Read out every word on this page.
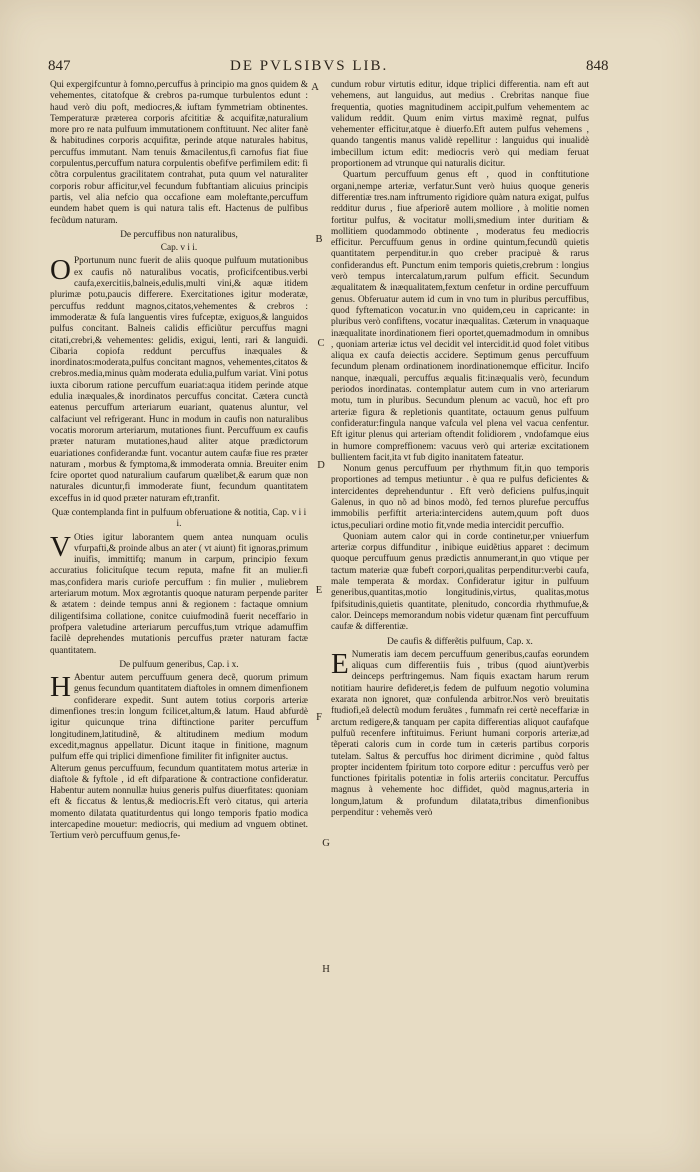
847	DE PVLSIBVS LIB.	848

Qui expergifcuntur à fomno,percuffus à principio ma gnos quidem & vehementes, citatofque & crebros pa-rumque turbulentos edunt : haud verò diu poft, mediocres,& iuftam fymmetriam obtinentes. Temperaturæ præterea corporis afcititiæ & acquifitæ,naturalium more pro re nata pulfuum immutationem conftituunt. Nec aliter fanè & habitudines corporis acquifitæ, perinde atque naturales habitus, percuffus immutant. Nam tenuis &macilentus,fi carnofus fiat fiue corpulentus,percuffum natura corpulentis obefifve perfimilem edit: fi cõtra corpulentus gracilitatem contrahat, puta quum vel naturaliter corporis robur afficitur,vel fecundum fubftantiam alicuius principis partis, vel alia nefcio qua occafione eam moleftante,percuffum eundem habet quem is qui natura talis eft. Hactenus de pulfibus fecũdum naturam.

De percuffibus non naturalibus,
Cap. v i i.

O Pportunum nunc fuerit de aliis quoque pulfuum mutationibus ex caufis nõ naturalibus vocatis, proficifcentibus.verbi caufa,exercitiis,balneis,edulis,multi vini,& aquæ itidem plurimæ potu,paucis differere. Exercitationes igitur moderatæ, percuffus reddunt magnos,citatos,vehementes & crebros : immoderatæ & fuſa languentis vires fufceptæ, exiguos,& languidos pulfus concitant. Balneis calidis efficiũtur percuffus magni citati,crebri,& vehementes: gelidis, exigui, lenti, rari & languidi. Cibaria copiofa reddunt percuffus inæquales & inordinatos:moderata,pulfus concitant magnos, vehementes,citatos & crebros.media,minus quàm moderata edulia,pulfum variat. Vini potus iuxta ciborum ratione percuffum euariat:aqua itidem perinde atque edulia inæquales,& inordinatos percuffus concitat. Cætera cunctà eatenus percuffum arteriarum euariant, quatenus aluntur, vel calfaciunt vel refrigerant. Hunc in modum in caufis non naturalibus vocatis mororum arteriarum, mutationes fiunt. Percuffuum ex caufis præter naturam mutationes,haud aliter atque prædictorum euariationes confiderandæ funt. vocantur autem caufæ fiue res præter naturam , morbus & fymptoma,& immoderata omnia. Breuiter enim fcire oportet quod naturalium caufarum quælibet,& earum quæ non naturales dicuntur,fi immoderate fiunt, fecundum quantitatem exceffus in id quod præter naturam eft,tranfit.

Quæ contemplanda fint in pulfuum obferuatione & notitia, Cap. v i i i.

V Oties igitur laborantem quem antea nunquam oculis vfurpafti,& proinde albus an ater ( vt aiunt) fit ignoras,primum inuifis, immittifq; manum in carpum, principio fexum accuratius folicituſque tecum reputa, mafne fit an mulier.fi mas,confidera maris curiofe percuffum : fin mulier , muliebrem arteriarum motum. Mox ægrotantis quoque naturam perpende pariter & ætatem : deinde tempus anni & regionem : factaque omnium diligentifsima collatione, conitce cuiufmodinã fuerit neceffario in profpera valetudine arteriarum percuffus,tum vtrique adamuffim facilè deprehendes mutationis percuffus præter naturam factæ quantitatem.

De pulfuum generibus, Cap. i x.

H Abentur autem percuffuum genera decẽ, quorum primum genus fecundum quantitatem diaftoles in omnem dimenfionem confiderare expedit. Sunt autem totius corporis arteriæ dimenfiones tres:in longum fcilicet,altum,& latum. Haud abfurdè igitur quicunque trina diftinctione pariter percuffum longitudinem,latitudinẽ, & altitudinem medium modum excedit,magnus appellatur. Dicunt itaque in finitione, magnum pulfum effe qui triplici dimenfione fimiliter fit infigniter auctus.

Alterum genus percuffuum, fecundum quantitatem motus arteriæ in diaftole & fyftole , id eft difparatione & contractione confideratur. Habentur autem nonnullæ huius generis pulfus diuerfitates: quoniam eft & ficcatus & lentus,& mediocris.Eft verò citatus, qui arteria momento dilatata quatiturdentus qui longo temporis fpatio modica intercapedine mouetur: mediocris, qui medium ad vnguem obtinet. Tertium verò percuffuum genus,fe-

A
B
C
D
E
F
G
H

cundum robur virtutis editur, idque triplici differentia. nam eft aut vehemens, aut languidus, aut medius . Crebritas nanque fiue frequentia, quoties magnitudinem accipit,pulfum vehementem ac validum reddit. Quum enim virtus maximè regnat, pulfus vehementer efficitur,atque è diuerfo.Eft autem pulfus vehemens , quando tangentis manus validè repellitur : languidus qui inualidè imbecillum ictum edit: mediocris verò qui mediam feruat proportionem ad vtrunque qui naturalis dicitur.

Quartum percuffuum genus eft , quod in conftitutione organi,nempe arteriæ, verfatur.Sunt verò huius quoque generis differentiæ tres.nam inftrumento rigidiore quàm natura exigat, pulfus redditur durus , fiue afperiorẽ autem molliore , à molitie nomen fortitur pulfus, & vocitatur molli,smedium inter duritiam & mollitiem quodammodo obtinente , moderatus feu mediocris efficitur. Percuffuum genus in ordine quintum,fecundũ quietis quantitatem perpenditur.in quo creber pracipuè & rarus confiderandus eft. Punctum enim temporis quietis,crebrum : longius verò tempus intercalatum,rarum pulfum efficit. Secundum æqualitatem & inæqualitatem,fextum cenfetur in ordine percuffuum genus. Obferuatur autem id cum in vno tum in pluribus percuffibus, quod fyftematicon vocatur.in vno quidem,ceu in capricante: in pluribus verò confiftens, vocatur inæqualitas. Cæterum in vnaquaque inæqualitate inordinationem fieri oportet,quemadmodum in omnibus , quoniam arteriæ ictus vel decidit vel intercidit.id quod folet vitibus aliqua ex caufa deiectis accidere. Septimum genus percuffuum fecundum plenam ordinationem inordinationemque efficitur. Incifo nanque, inæquali, percuffus æqualis fit:inæqualis verò, fecundum periodos inordinatas. contemplatur autem cum in vno arteriarum motu, tum in pluribus. Secundum plenum ac vacuũ, hoc eft pro arteriæ figura & repletionis quantitate, octauum genus pulfuum confideratur:fingula nanque vafcula vel plena vel vacua cenfentur. Eft igitur plenus qui arteriam oftendit folidiorem , vndofamque eius in humore compreffionem: vacuus verò qui arteriæ excitationem bullientem facit,ita vt fub digito inanitatem fateatur.

Nonum genus percuffuum per rhythmum fit,in quo temporis proportiones ad tempus metiuntur . è qua re pulfus deficientes & intercidentes deprehenduntur . Eft verò deficiens pulfus,inquit Galenus, in quo nõ ad binos modò, fed ternos plurefue percuffus immobilis perfiftit arteria:intercidens autem,quum poft duos ictus,peculiari ordine motio fit,vnde media intercidit percuffio.

Quoniam autem calor qui in corde continetur,per vniuerfum arteriæ corpus diffunditur , inibique euidẽtius apparet : decimum quoque percuffuum genus prædictis annumerant,in quo vtique per tactum materiæ quæ fubeft corpori,qualitas perpenditur:verbi caufa, male temperata & mordax. Confideratur igitur in pulfuum generibus,quantitas,motio longitudinis,virtus, qualitas,motus fpifsitudinis,quietis quantitate, plenitudo, concordia rhythmufue,& calor. Deinceps memorandum nobis videtur quænam fint percuffuum caufæ & differentiæ.

De caufis & differẽtis pulfuum, Cap. x.

E Numeratis iam decem percuffuum generibus,caufas eorundem aliquas cum differentiis fuis , tribus (quod aiunt)verbis deinceps perftringemus. Nam fiquis exactam harum rerum notitiam haurire defideret,is fedem de pulfuum negotio volumina exarata non ignoret, quæ confulenda arbitror.Nos verò breuitatis ftudiofi,eã delectũ modum feruãtes , fummafn rei certè neceffariæ in arctum redigere,& tanquam per capita differentias aliquot caufafque pulfuũ recenfere inftituimus. Feriunt humani corporis arteriæ,ad tẽperati caloris cum in corde tum in cæteris partibus corporis tutelam. Saltus & percuffus hoc diriment dicrimine , quòd faltus propter incidentem fpiritum toto corpore editur : percuffus verò per functiones fpiritalis potentiæ in folis arteriis concitatur. Percuffus magnus à vehemente hoc diffidet, quòd magnus,arteria in longum,latum & profundum dilatata,tribus dimenfionibus perpenditur : vehemẽs verò
